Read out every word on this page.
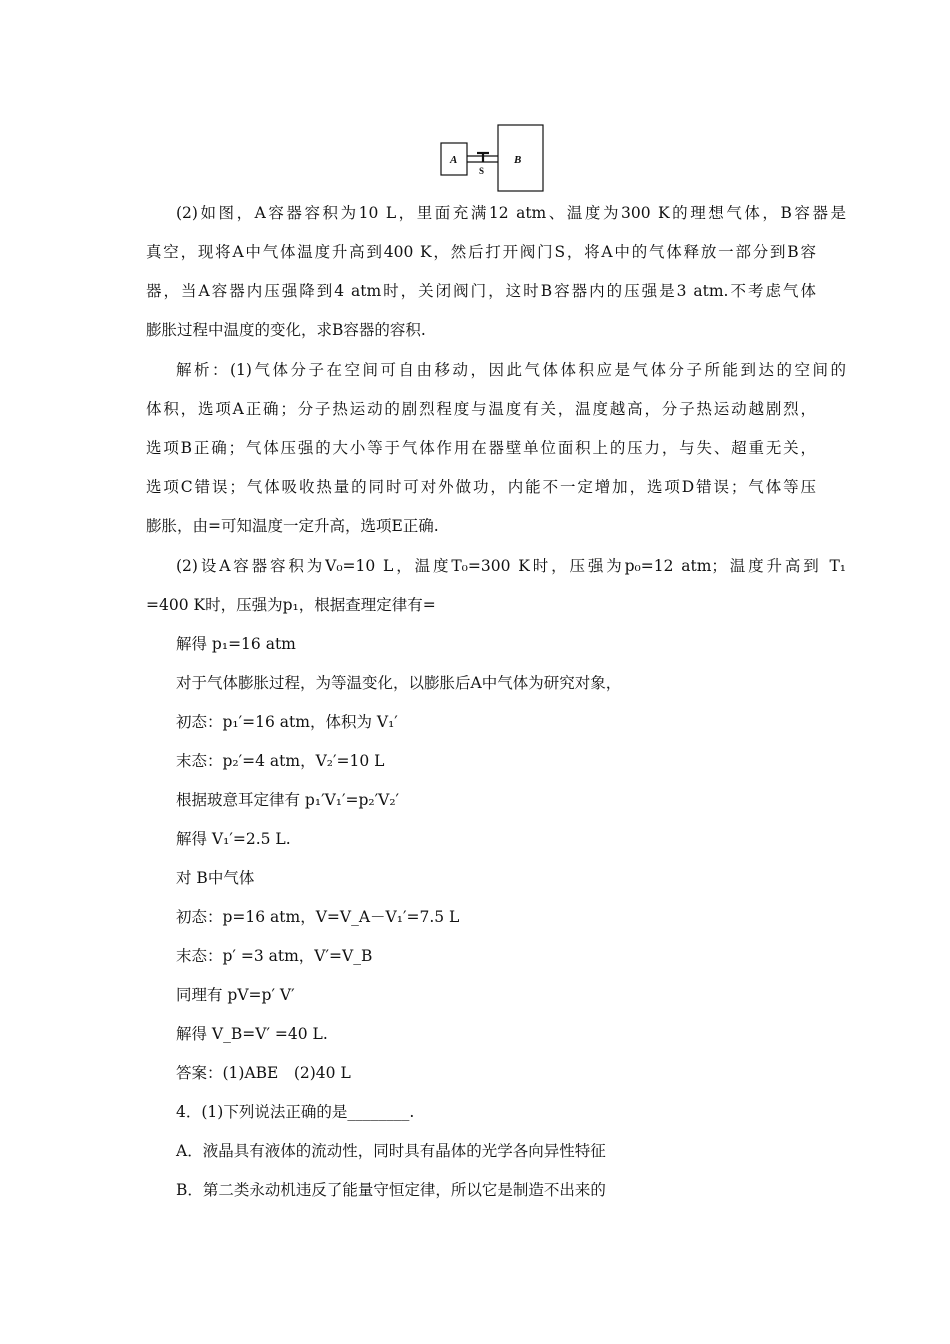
A
S
B
(2)如图，A容器容积为10 L，里面充满12 atm、温度为300 K的理想气体，B容器是
真空，现将A中气体温度升高到400 K，然后打开阀门S，将A中的气体释放一部分到B容
器，当A容器内压强降到4 atm时，关闭阀门，这时B容器内的压强是3 atm.不考虑气体
膨胀过程中温度的变化，求B容器的容积.
解析：(1)气体分子在空间可自由移动，因此气体体积应是气体分子所能到达的空间的
体积，选项A正确；分子热运动的剧烈程度与温度有关，温度越高，分子热运动越剧烈，
选项B正确；气体压强的大小等于气体作用在器壁单位面积上的压力，与失、超重无关，
选项C错误；气体吸收热量的同时可对外做功，内能不一定增加，选项D错误；气体等压
膨胀，由=可知温度一定升高，选项E正确.
(2)设A容器容积为V₀=10 L，温度T₀=300 K时，压强为p₀=12 atm；温度升高到 T₁
=400 K时，压强为p₁，根据查理定律有=
解得 p₁=16 atm
对于气体膨胀过程，为等温变化，以膨胀后A中气体为研究对象，
初态：p₁′=16 atm，体积为 V₁′
末态：p₂′=4 atm，V₂′=10 L
根据玻意耳定律有 p₁′V₁′=p₂′V₂′
解得 V₁′=2.5 L.
对 B中气体
初态：p=16 atm，V=V_A－V₁′=7.5 L
末态：p′ =3 atm，V′=V_B
同理有 pV=p′ V′
解得 V_B=V′ =40 L.
答案：(1)ABE　(2)40 L
4．(1)下列说法正确的是________.
A．液晶具有液体的流动性，同时具有晶体的光学各向异性特征
B．第二类永动机违反了能量守恒定律，所以它是制造不出来的
